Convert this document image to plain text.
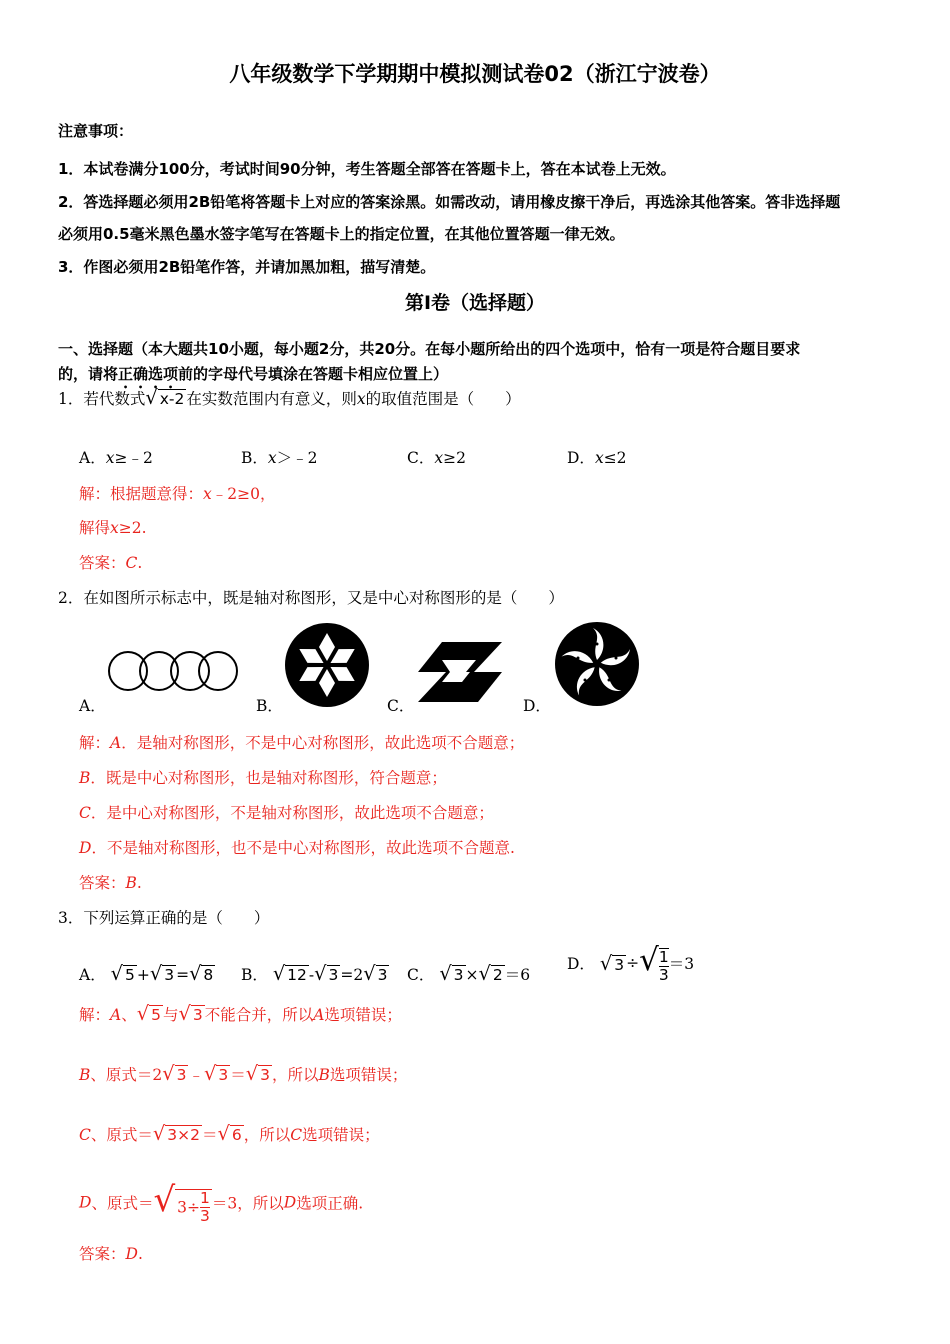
八年级数学下学期期中模拟测试卷02（浙江宁波卷）
注意事项：
1．本试卷满分100分，考试时间90分钟，考生答题全部答在答题卡上，答在本试卷上无效。
2．答选择题必须用2B铅笔将答题卡上对应的答案涂黑。如需改动，请用橡皮擦干净后，再选涂其他答案。答非选择题
必须用0.5毫米黑色墨水签字笔写在答题卡上的指定位置，在其他位置答题一律无效。
3．作图必须用2B铅笔作答，并请加黑加粗，描写清楚。
第Ⅰ卷（选择题）
一、选择题（本大题共10小题，每小题2分，共20分。在每小题所给出的四个选项中，恰有一项是符合题目要求
的，请将正确选项前的字母代号填涂在答题卡相应位置上）
1．若代数式√ x-2 在实数范围内有意义，则x的取值范围是（　　）
A．x≥﹣2	B．x＞﹣2	C．x≥2	D．x≤2
解：根据题意得：x﹣2≥0，
解得x≥2.
答案：C.
2．在如图所示标志中，既是轴对称图形，又是中心对称图形的是（　　）
A．	B．	C．	D．
解：A．是轴对称图形，不是中心对称图形，故此选项不合题意；
B．既是中心对称图形，也是轴对称图形，符合题意；
C．是中心对称图形，不是轴对称图形，故此选项不合题意；
D．不是轴对称图形，也不是中心对称图形，故此选项不合题意.
答案：B.
3．下列运算正确的是（　　）
A． √ 5 +√ 3 =√ 8 B． √ 12 -√ 3 =2√ 3 C． √ 3 ×√ 2 ＝6
D． √ 3 ÷√ $\frac{1}{3} =3$
解：A、√ 5 与√ 3 不能合并，所以A选项错误；
B、原式＝2√ 3 ﹣√ 3 ＝√ 3 ，所以B选项错误；
C、原式＝√ 3×2 ＝√ 6 ，所以C选项错误；
D、原式＝√ $3\div \frac{1}{3} =3$，所以D选项正确.
答案：D.
